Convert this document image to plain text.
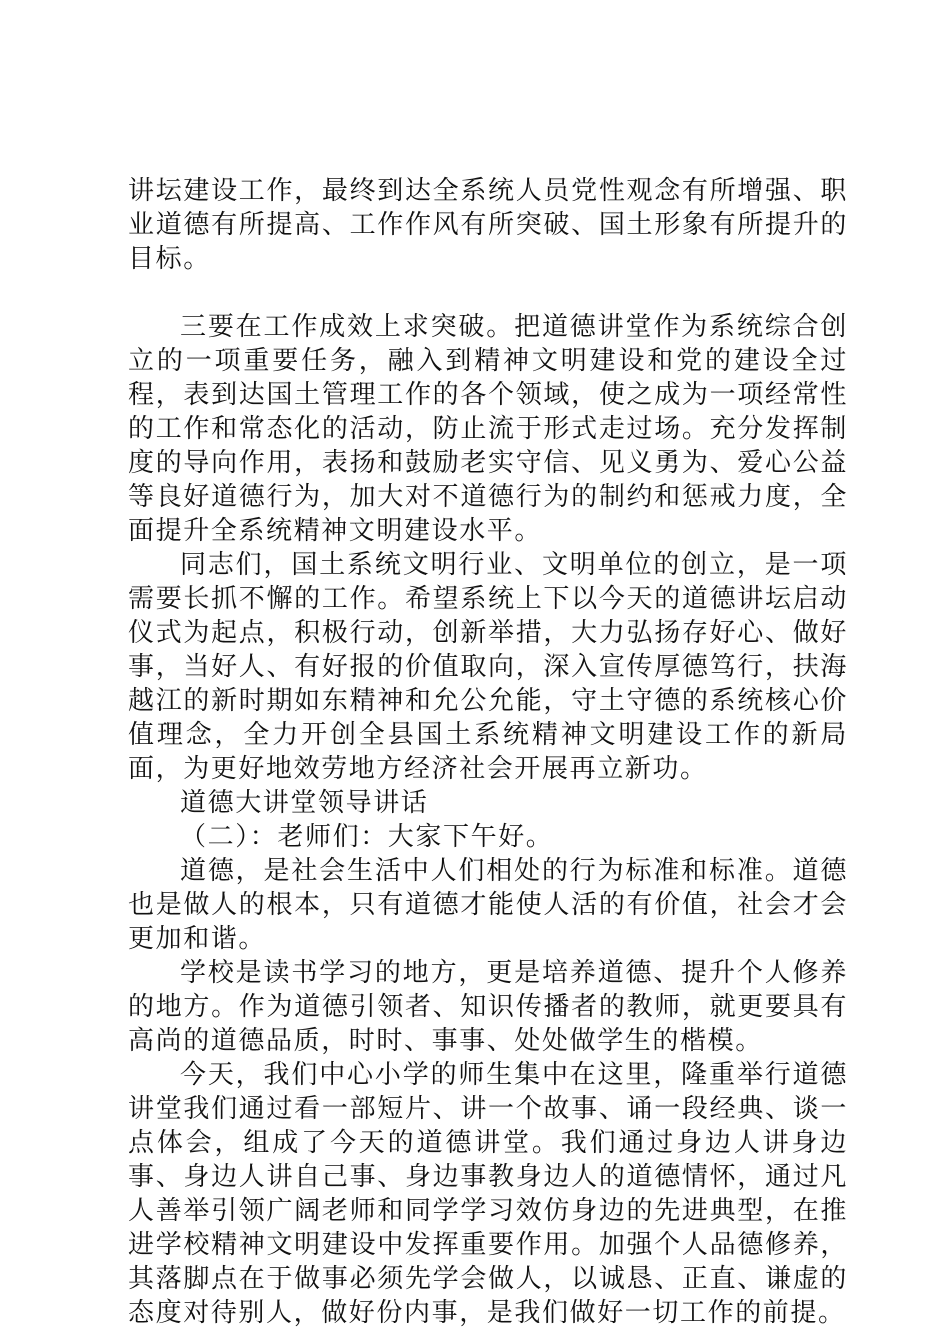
讲坛建设工作，最终到达全系统人员党性观念有所增强、职业道德有所提高、工作作风有所突破、国土形象有所提升的目标。

三要在工作成效上求突破。把道德讲堂作为系统综合创立的一项重要任务，融入到精神文明建设和党的建设全过程，表到达国土管理工作的各个领域，使之成为一项经常性的工作和常态化的活动，防止流于形式走过场。充分发挥制度的导向作用，表扬和鼓励老实守信、见义勇为、爱心公益等良好道德行为，加大对不道德行为的制约和惩戒力度，全面提升全系统精神文明建设水平。

同志们，国土系统文明行业、文明单位的创立，是一项需要长抓不懈的工作。希望系统上下以今天的道德讲坛启动仪式为起点，积极行动，创新举措，大力弘扬存好心、做好事，当好人、有好报的价值取向，深入宣传厚德笃行，扶海越江的新时期如东精神和允公允能，守土守德的系统核心价值理念，全力开创全县国土系统精神文明建设工作的新局面，为更好地效劳地方经济社会开展再立新功。

道德大讲堂领导讲话

（二）：老师们：大家下午好。

道德，是社会生活中人们相处的行为标准和标准。道德也是做人的根本，只有道德才能使人活的有价值，社会才会更加和谐。

学校是读书学习的地方，更是培养道德、提升个人修养的地方。作为道德引领者、知识传播者的教师，就更要具有高尚的道德品质，时时、事事、处处做学生的楷模。

今天，我们中心小学的师生集中在这里，隆重举行道德讲堂我们通过看一部短片、讲一个故事、诵一段经典、谈一点体会，组成了今天的道德讲堂。我们通过身边人讲身边事、身边人讲自己事、身边事教身边人的道德情怀，通过凡人善举引领广阔老师和同学学习效仿身边的先进典型，在推进学校精神文明建设中发挥重要作用。加强个人品德修养，其落脚点在于做事必须先学会做人，以诚恳、正直、谦虚的态度对待别人，做好份内事，是我们做好一切工作的前提。
